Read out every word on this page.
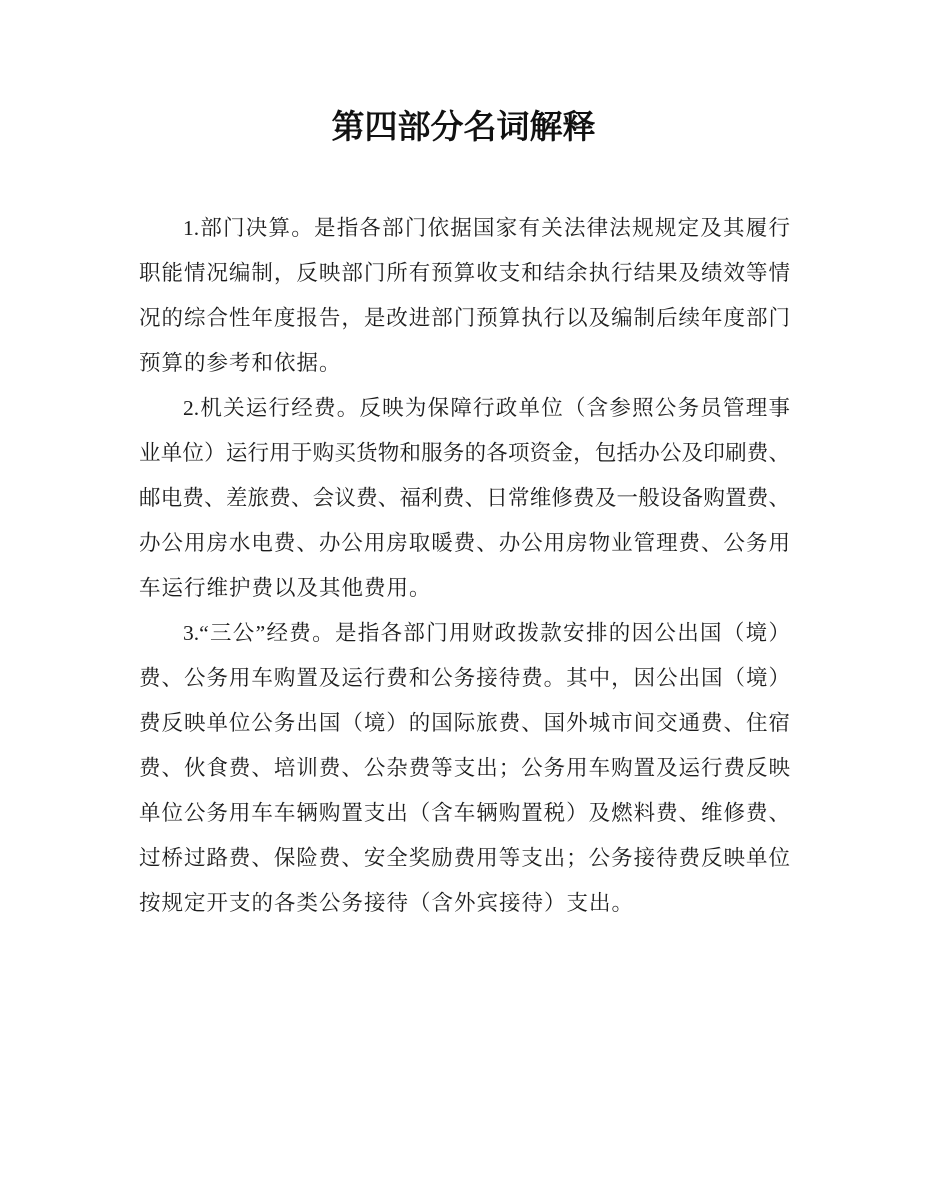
第四部分名词解释

1.部门决算。是指各部门依据国家有关法律法规规定及其履行
职能情况编制，反映部门所有预算收支和结余执行结果及绩效等情
况的综合性年度报告，是改进部门预算执行以及编制后续年度部门
预算的参考和依据。

2.机关运行经费。反映为保障行政单位（含参照公务员管理事
业单位）运行用于购买货物和服务的各项资金，包括办公及印刷费、
邮电费、差旅费、会议费、福利费、日常维修费及一般设备购置费、
办公用房水电费、办公用房取暖费、办公用房物业管理费、公务用
车运行维护费以及其他费用。

3.“三公”经费。是指各部门用财政拨款安排的因公出国（境）
费、公务用车购置及运行费和公务接待费。其中，因公出国（境）
费反映单位公务出国（境）的国际旅费、国外城市间交通费、住宿
费、伙食费、培训费、公杂费等支出；公务用车购置及运行费反映
单位公务用车车辆购置支出（含车辆购置税）及燃料费、维修费、
过桥过路费、保险费、安全奖励费用等支出；公务接待费反映单位
按规定开支的各类公务接待（含外宾接待）支出。
